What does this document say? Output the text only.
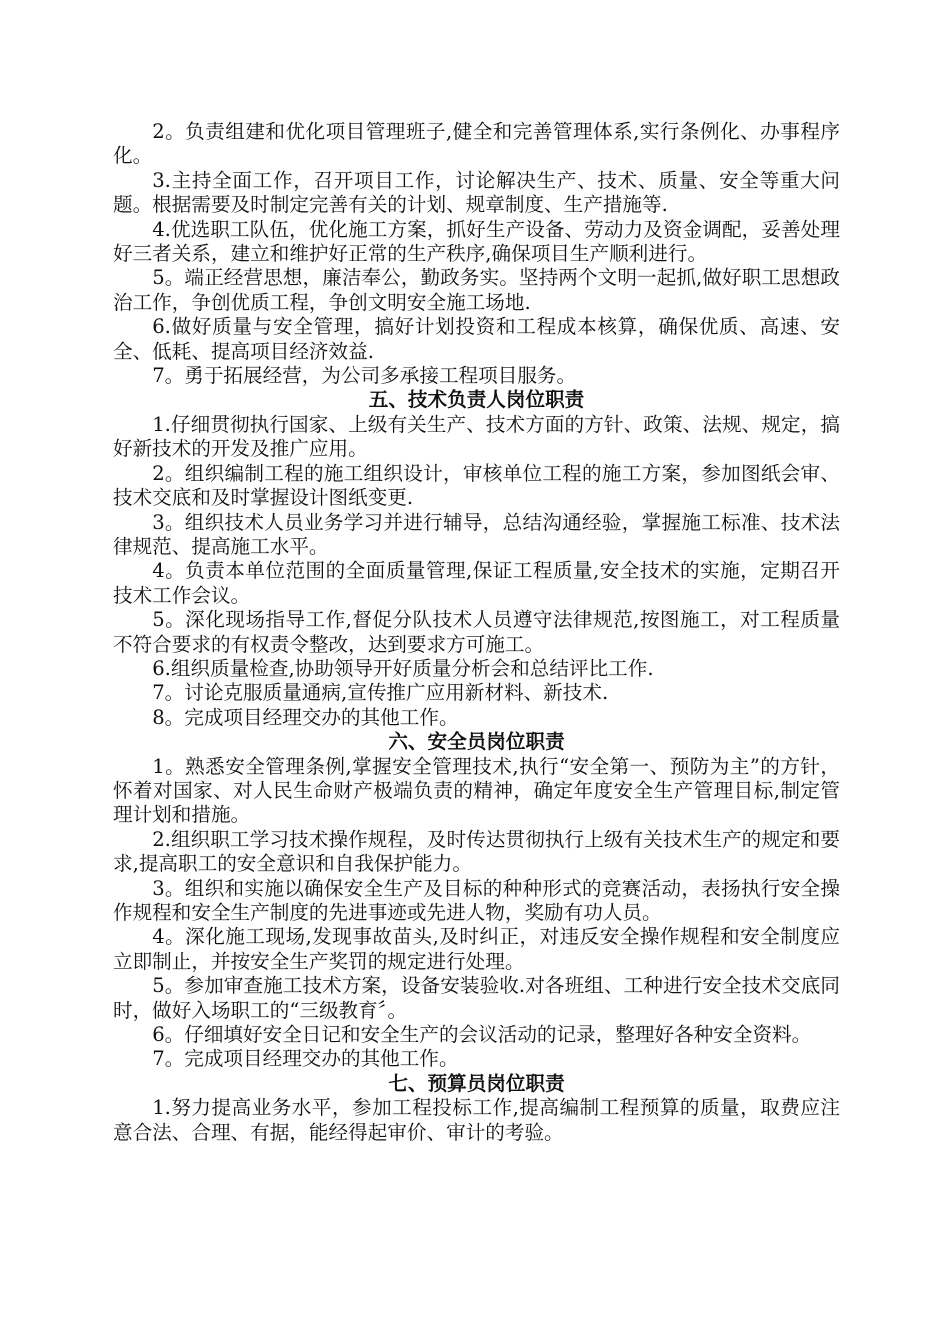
2。负责组建和优化项目管理班子,健全和完善管理体系,实行条例化、办事程序化。

3.主持全面工作，召开项目工作，讨论解决生产、技术、质量、安全等重大问题。根据需要及时制定完善有关的计划、规章制度、生产措施等.

4.优选职工队伍，优化施工方案，抓好生产设备、劳动力及资金调配，妥善处理好三者关系，建立和维护好正常的生产秩序,确保项目生产顺利进行。

5。端正经营思想，廉洁奉公，勤政务实。坚持两个文明一起抓,做好职工思想政治工作，争创优质工程，争创文明安全施工场地.

6.做好质量与安全管理，搞好计划投资和工程成本核算，确保优质、高速、安全、低耗、提高项目经济效益.

7。勇于拓展经营，为公司多承接工程项目服务。

五、技术负责人岗位职责

1.仔细贯彻执行国家、上级有关生产、技术方面的方针、政策、法规、规定，搞好新技术的开发及推广应用。

2。组织编制工程的施工组织设计，审核单位工程的施工方案，参加图纸会审、技术交底和及时掌握设计图纸变更.

3。组织技术人员业务学习并进行辅导，总结沟通经验，掌握施工标准、技术法律规范、提高施工水平。

4。负责本单位范围的全面质量管理,保证工程质量,安全技术的实施，定期召开技术工作会议。

5。深化现场指导工作,督促分队技术人员遵守法律规范,按图施工，对工程质量不符合要求的有权责令整改，达到要求方可施工。

6.组织质量检查,协助领导开好质量分析会和总结评比工作.

7。讨论克服质量通病,宣传推广应用新材料、新技术.

8。完成项目经理交办的其他工作。

六、安全员岗位职责

1。熟悉安全管理条例,掌握安全管理技术,执行“安全第一、预防为主”的方针，怀着对国家、对人民生命财产极端负责的精神，确定年度安全生产管理目标,制定管理计划和措施。

2.组织职工学习技术操作规程，及时传达贯彻执行上级有关技术生产的规定和要求,提高职工的安全意识和自我保护能力。

3。组织和实施以确保安全生产及目标的种种形式的竞赛活动，表扬执行安全操作规程和安全生产制度的先进事迹或先进人物，奖励有功人员。

4。深化施工现场,发现事故苗头,及时纠正，对违反安全操作规程和安全制度应立即制止，并按安全生产奖罚的规定进行处理。

5。参加审查施工技术方案，设备安装验收.对各班组、工种进行安全技术交底同时，做好入场职工的“三级教育〞。

6。仔细填好安全日记和安全生产的会议活动的记录，整理好各种安全资料。

7。完成项目经理交办的其他工作。

七、预算员岗位职责

1.努力提高业务水平，参加工程投标工作,提高编制工程预算的质量，取费应注意合法、合理、有据，能经得起审价、审计的考验。
